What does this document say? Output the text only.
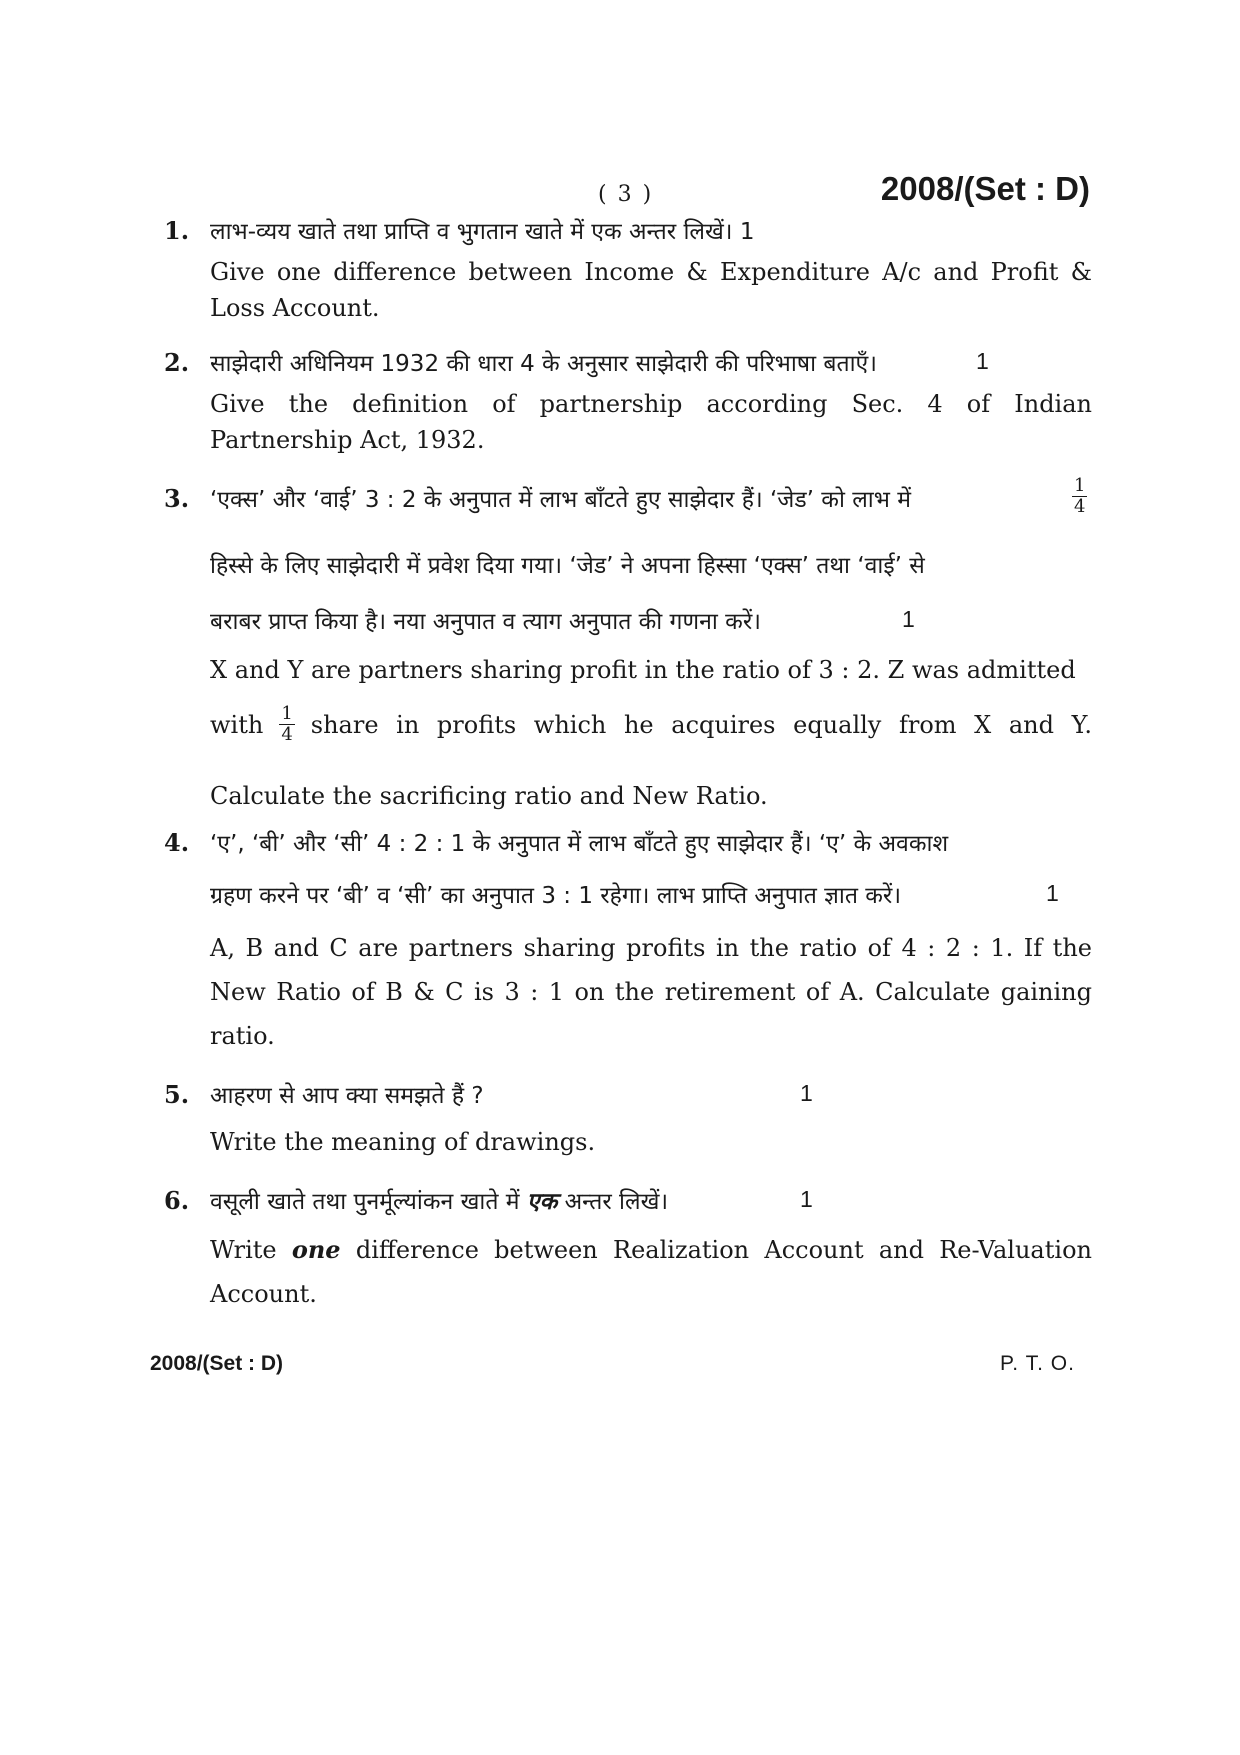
( 3 )	2008/(Set : D)
1. लाभ-व्यय खाते तथा प्राप्ति व भुगतान खाते में एक अन्तर लिखें। 1
Give one difference between Income & Expenditure A/c and Profit & Loss Account.
2. साझेदारी अधिनियम 1932 की धारा 4 के अनुसार साझेदारी की परिभाषा बताएँ।	1
Give the definition of partnership according Sec. 4 of Indian Partnership Act, 1932.
3. ‘एक्स’ और ‘वाई’ 3 : 2 के अनुपात में लाभ बाँटते हुए साझेदार हैं। ‘जेड’ को लाभ में
1
4
हिस्से के लिए साझेदारी में प्रवेश दिया गया। ‘जेड’ ने अपना हिस्सा ‘एक्स’ तथा ‘वाई’ से
बराबर प्राप्त किया है। नया अनुपात व त्याग अनुपात की गणना करें।	1
X and Y are partners sharing profit in the ratio of 3 : 2. Z was admitted
with $\frac{1}{4}$ share in profits which he acquires equally from X and Y.
Calculate the sacrificing ratio and New Ratio.
4. ‘ए’, ‘बी’ और ‘सी’ 4 : 2 : 1 के अनुपात में लाभ बाँटते हुए साझेदार हैं। ‘ए’ के अवकाश
ग्रहण करने पर ‘बी’ व ‘सी’ का अनुपात 3 : 1 रहेगा। लाभ प्राप्ति अनुपात ज्ञात करें।	1
A, B and C are partners sharing profits in the ratio of 4 : 2 : 1. If the New Ratio of B & C is 3 : 1 on the retirement of A. Calculate gaining ratio.
5. आहरण से आप क्या समझते हैं ?	1
Write the meaning of drawings.
6. वसूली खाते तथा पुनर्मूल्यांकन खाते में एक अन्तर लिखें।	1
Write one difference between Realization Account and Re-Valuation Account.
2008/(Set : D)	P. T. O.
